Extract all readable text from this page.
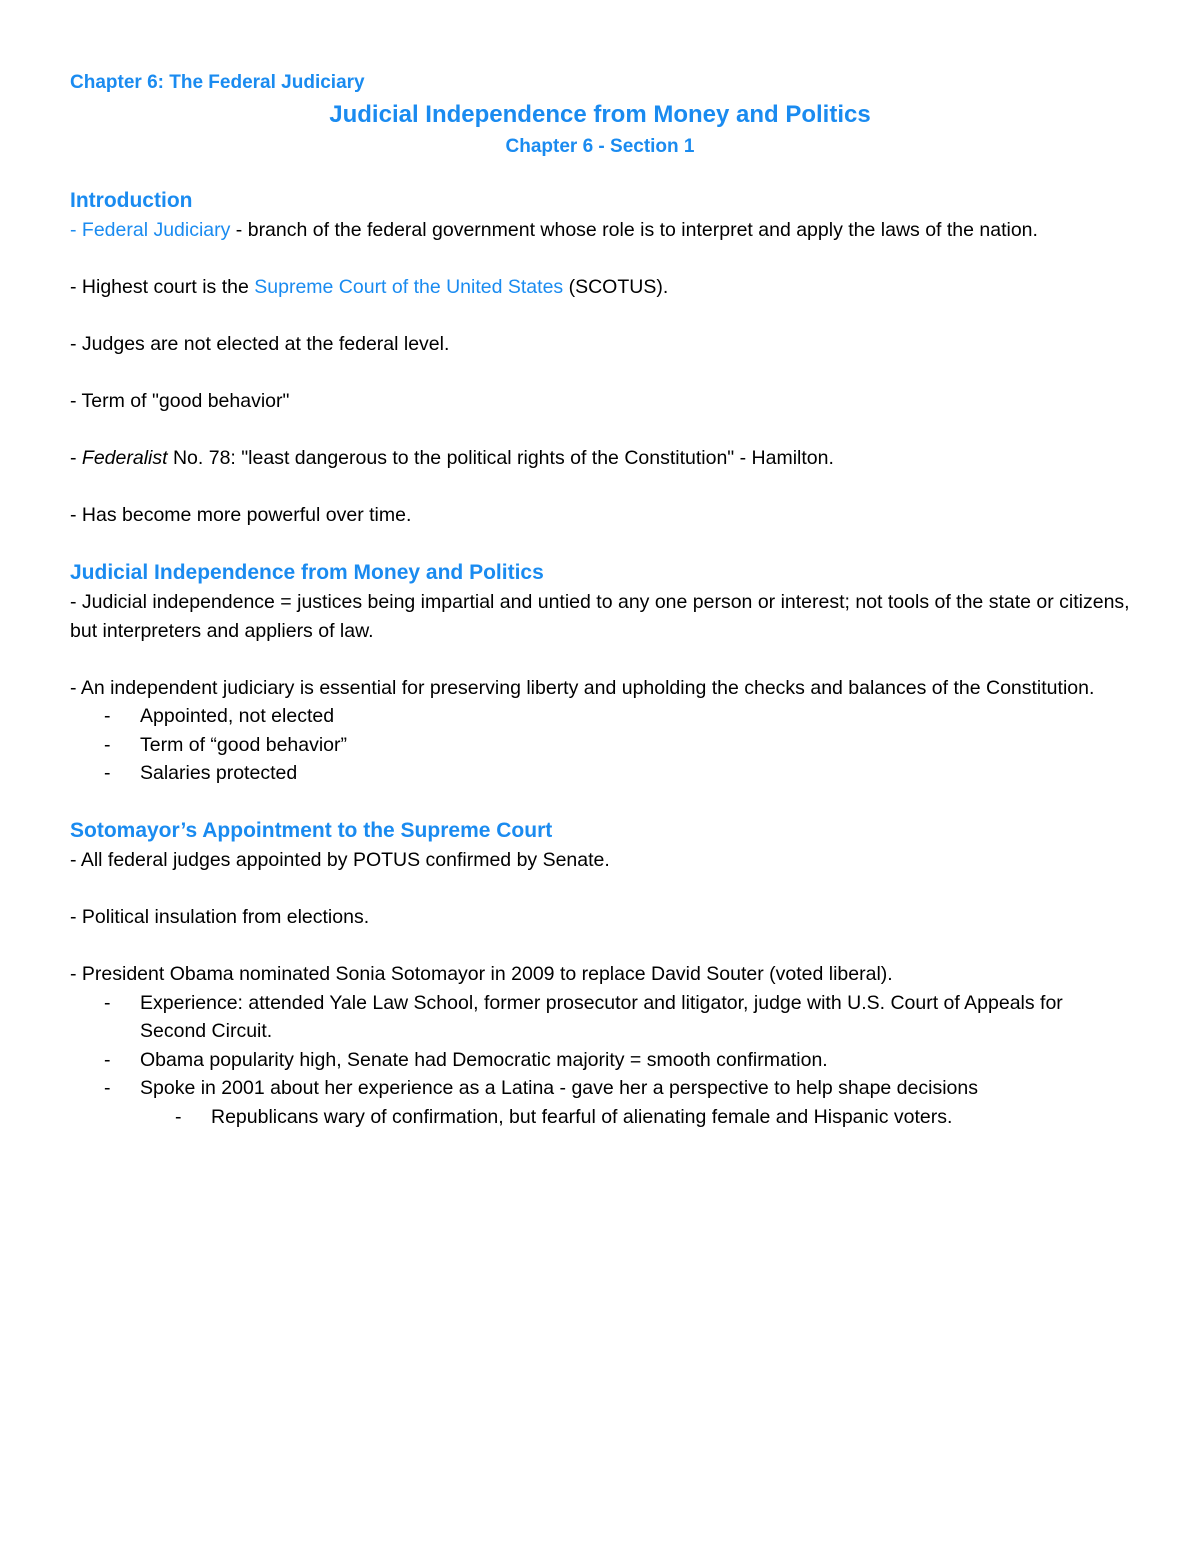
Chapter 6: The Federal Judiciary

Judicial Independence from Money and Politics

Chapter 6 - Section 1

Introduction

- Federal Judiciary - branch of the federal government whose role is to interpret and apply the laws of the nation.

- Highest court is the Supreme Court of the United States (SCOTUS).

- Judges are not elected at the federal level.

- Term of "good behavior"

- Federalist No. 78: "least dangerous to the political rights of the Constitution" - Hamilton.

- Has become more powerful over time.

Judicial Independence from Money and Politics

- Judicial independence = justices being impartial and untied to any one person or interest; not tools of the state or citizens, but interpreters and appliers of law.

- An independent judiciary is essential for preserving liberty and upholding the checks and balances of the Constitution.

- Appointed, not elected

- Term of “good behavior”

- Salaries protected

Sotomayor’s Appointment to the Supreme Court

- All federal judges appointed by POTUS confirmed by Senate.

- Political insulation from elections.

- President Obama nominated Sonia Sotomayor in 2009 to replace David Souter (voted liberal).

- Experience: attended Yale Law School, former prosecutor and litigator, judge with U.S. Court of Appeals for Second Circuit.

- Obama popularity high, Senate had Democratic majority = smooth confirmation.

- Spoke in 2001 about her experience as a Latina - gave her a perspective to help shape decisions

- Republicans wary of confirmation, but fearful of alienating female and Hispanic voters.
